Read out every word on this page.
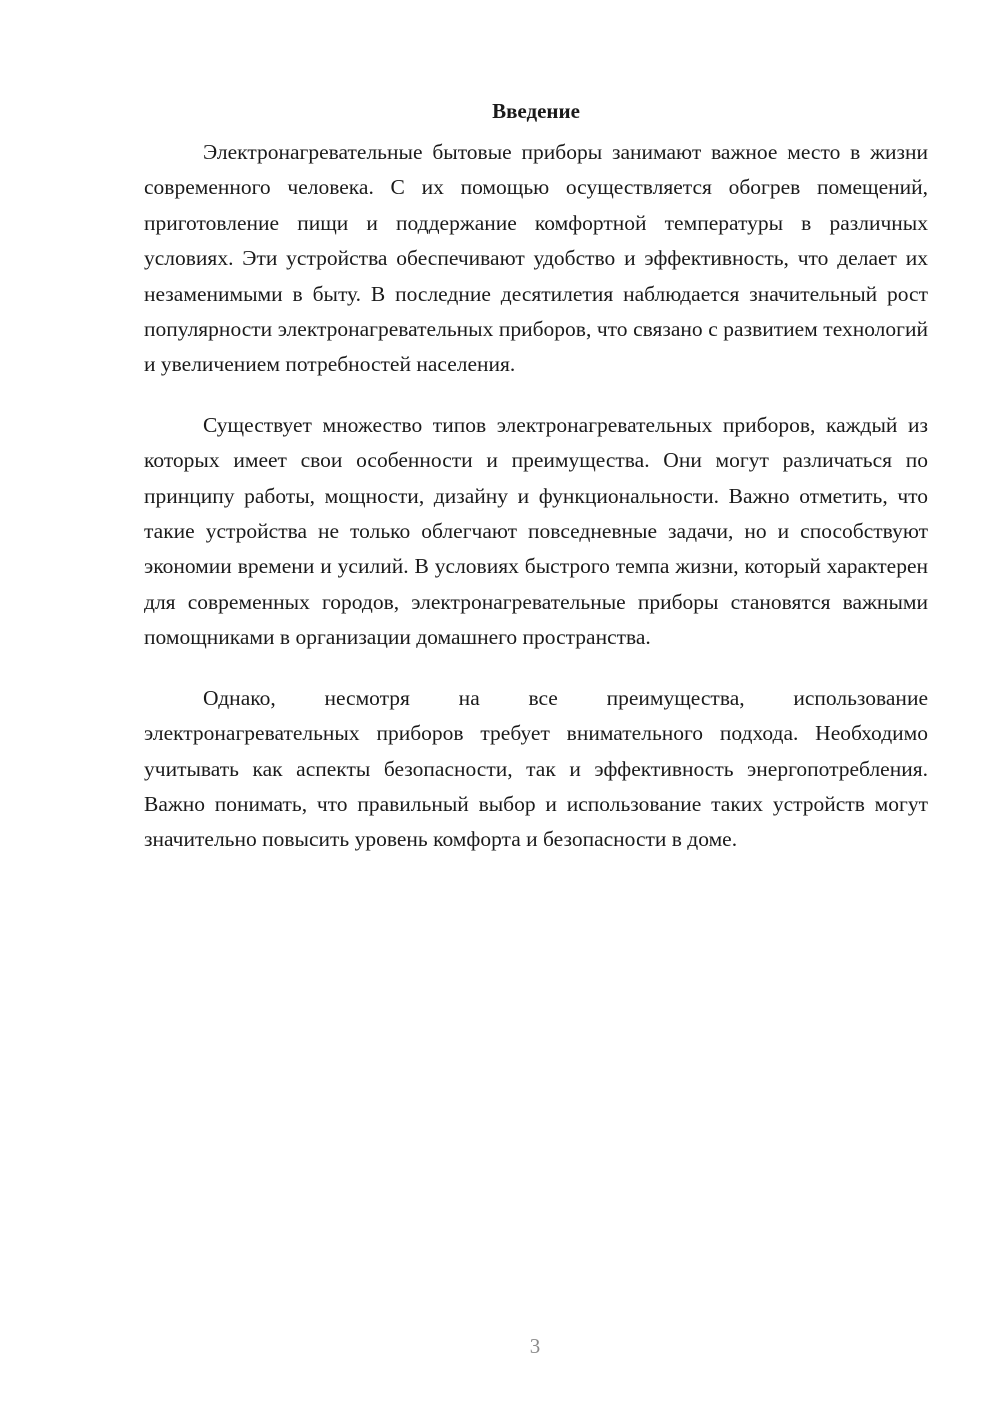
Введение

Электронагревательные бытовые приборы занимают важное место в жизни современного человека. С их помощью осуществляется обогрев помещений, приготовление пищи и поддержание комфортной температуры в различных условиях. Эти устройства обеспечивают удобство и эффективность, что делает их незаменимыми в быту. В последние десятилетия наблюдается значительный рост популярности электронагревательных приборов, что связано с развитием технологий и увеличением потребностей населения.

Существует множество типов электронагревательных приборов, каждый из которых имеет свои особенности и преимущества. Они могут различаться по принципу работы, мощности, дизайну и функциональности. Важно отметить, что такие устройства не только облегчают повседневные задачи, но и способствуют экономии времени и усилий. В условиях быстрого темпа жизни, который характерен для современных городов, электронагревательные приборы становятся важными помощниками в организации домашнего пространства.

Однако, несмотря на все преимущества, использование электронагревательных приборов требует внимательного подхода. Необходимо учитывать как аспекты безопасности, так и эффективность энергопотребления. Важно понимать, что правильный выбор и использование таких устройств могут значительно повысить уровень комфорта и безопасности в доме.

3
